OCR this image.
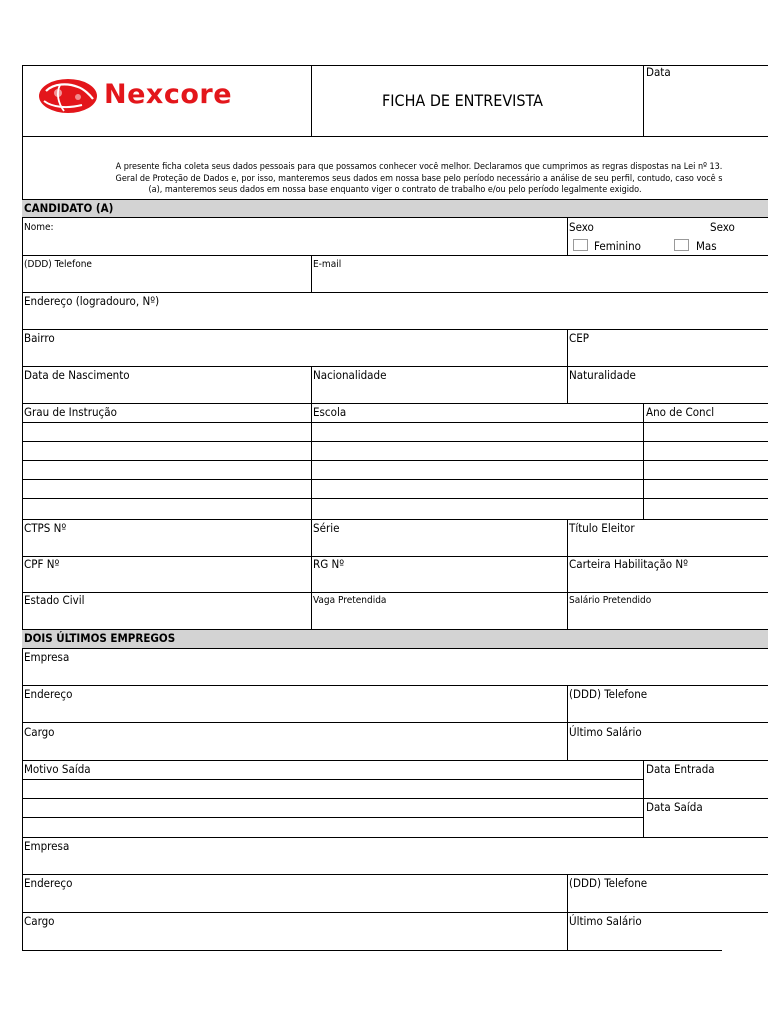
Nexcore	FICHA DE ENTREVISTA
Data
A presente ficha coleta seus dados pessoais para que possamos conhecer você melhor. Declaramos que cumprimos as regras dispostas na Lei nº 13.
Geral de Proteção de Dados e, por isso, manteremos seus dados em nossa base pelo período necessário a análise de seu perfil, contudo, caso você s
(a), manteremos seus dados em nossa base enquanto viger o contrato de trabalho e/ou pelo período legalmente exigido.
CANDIDATO (A)
Nome:	Sexo	Sexo
Feminino	Mas
(DDD) Telefone	E-mail
Endereço (logradouro, Nº)
Bairro	CEP
Data de Nascimento	Nacionalidade	Naturalidade
Grau de Instrução	Escola	Ano de Concl
CTPS Nº	Série	Título Eleitor
CPF Nº	RG Nº	Carteira Habilitação Nº
Estado Civil	Vaga Pretendida	Salário Pretendido
DOIS ÚLTIMOS EMPREGOS
Empresa
Endereço	(DDD) Telefone
Cargo	Último Salário
Motivo Saída	Data Entrada
Data Saída
Empresa
Endereço	(DDD) Telefone
Cargo	Último Salário
